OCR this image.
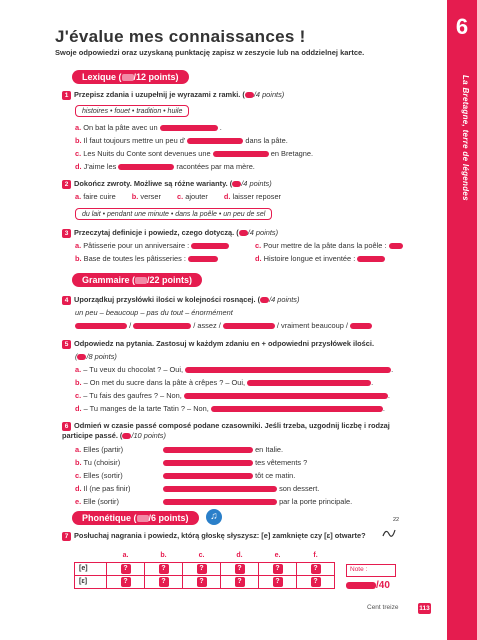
6
La Bretagne, terre de légendes
J'évalue mes connaissances !
Swoje odpowiedzi oraz uzyskaną punktację zapisz w zeszycie lub na oddzielnej kartce.
Lexique ( /12 points)
1 Przepisz zdania i uzupełnij je wyrazami z ramki. ( /4 points)
histoires • fouet • tradition • huile
a. On bat la pâte avec un	.
b. Il faut toujours mettre un peu d'	dans la pâte.
c. Les Nuits du Conte sont devenues une	en Bretagne.
d. J'aime les	racontées par ma mère.
2 Dokończ zwroty. Możliwe są różne warianty. ( /4 points)
a. faire cuire b. verser c. ajouter d. laisser reposer
du lait • pendant une minute • dans la poêle • un peu de sel
3 Przeczytaj definicje i powiedz, czego dotyczą. ( /4 points)
a. Pâtisserie pour un anniversaire :	c. Pour mettre de la pâte dans la poêle :
b. Base de toutes les pâtisseries :	d. Histoire longue et inventée :
Grammaire ( /22 points)
4 Uporządkuj przysłówki ilości w kolejności rosnącej. ( /4 points)
un peu – beaucoup – pas du tout – énormément
/	/ assez /	/ vraiment beaucoup /
5 Odpowiedz na pytania. Zastosuj w każdym zdaniu en + odpowiedni przysłówek ilości.
( /8 points)
a. – Tu veux du chocolat ? – Oui,	.
b. – On met du sucre dans la pâte à crêpes ? – Oui,	.
c. – Tu fais des gaufres ? – Non,	.
d. – Tu manges de la tarte Tatin ? – Non,	.
6 Odmień w czasie passé composé podane czasowniki. Jeśli trzeba, uzgodnij liczbę i rodzaj participe passé. ( /10 points)
a. Elles (partir)	en Italie.
b. Tu (choisir)	tes vêtements ?
c. Elles (sortir)	tôt ce matin.
d. Il (ne pas finir)	son dessert.
e. Elle (sortir)	par la porte principale.
Phonétique ( /6 points)	♫
7 Posłuchaj nagrania i powiedz, którą głoskę słyszysz: [e] zamknięte czy [ɛ] otwarte?
22
	a.	b.	c.	d.	e.	f.
[e]	?	?	?	?	?	?
[ɛ]	?	?	?	?	?	?
Note :
/40
Cent treize	113
